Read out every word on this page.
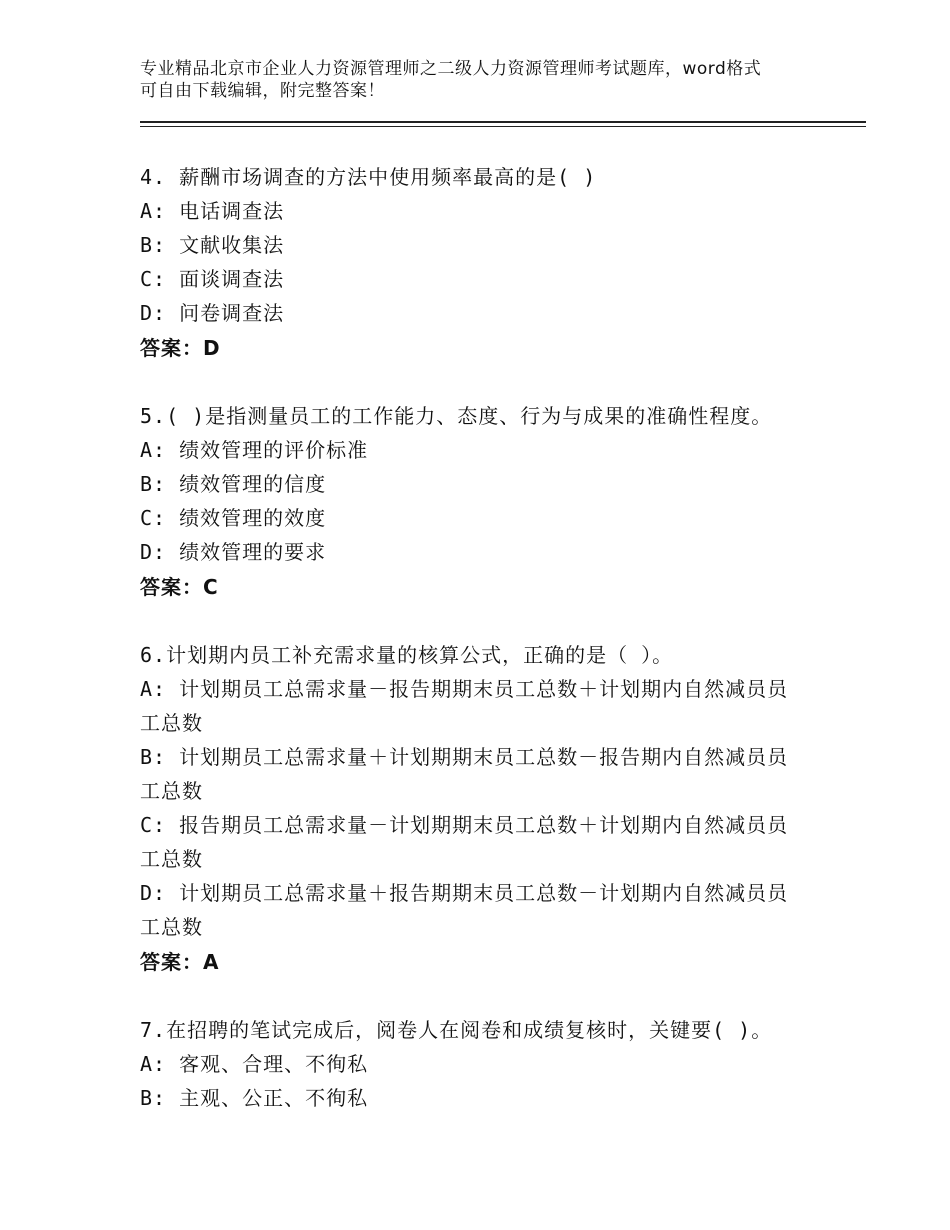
专业精品北京市企业人力资源管理师之二级人力资源管理师考试题库，word格式
可自由下载编辑，附完整答案！
4. 薪酬市场调查的方法中使用频率最高的是( )
A: 电话调查法
B: 文献收集法
C: 面谈调查法
D: 问卷调查法
答案：D
5.( )是指测量员工的工作能力、态度、行为与成果的准确性程度。
A: 绩效管理的评价标准
B: 绩效管理的信度
C: 绩效管理的效度
D: 绩效管理的要求
答案：C
6.计划期内员工补充需求量的核算公式，正确的是（ ）。
A: 计划期员工总需求量－报告期期末员工总数＋计划期内自然减员员
工总数
B: 计划期员工总需求量＋计划期期末员工总数－报告期内自然减员员
工总数
C: 报告期员工总需求量－计划期期末员工总数＋计划期内自然减员员
工总数
D: 计划期员工总需求量＋报告期期末员工总数－计划期内自然减员员
工总数
答案：A
7.在招聘的笔试完成后，阅卷人在阅卷和成绩复核时，关键要( )。
A: 客观、合理、不徇私
B: 主观、公正、不徇私
